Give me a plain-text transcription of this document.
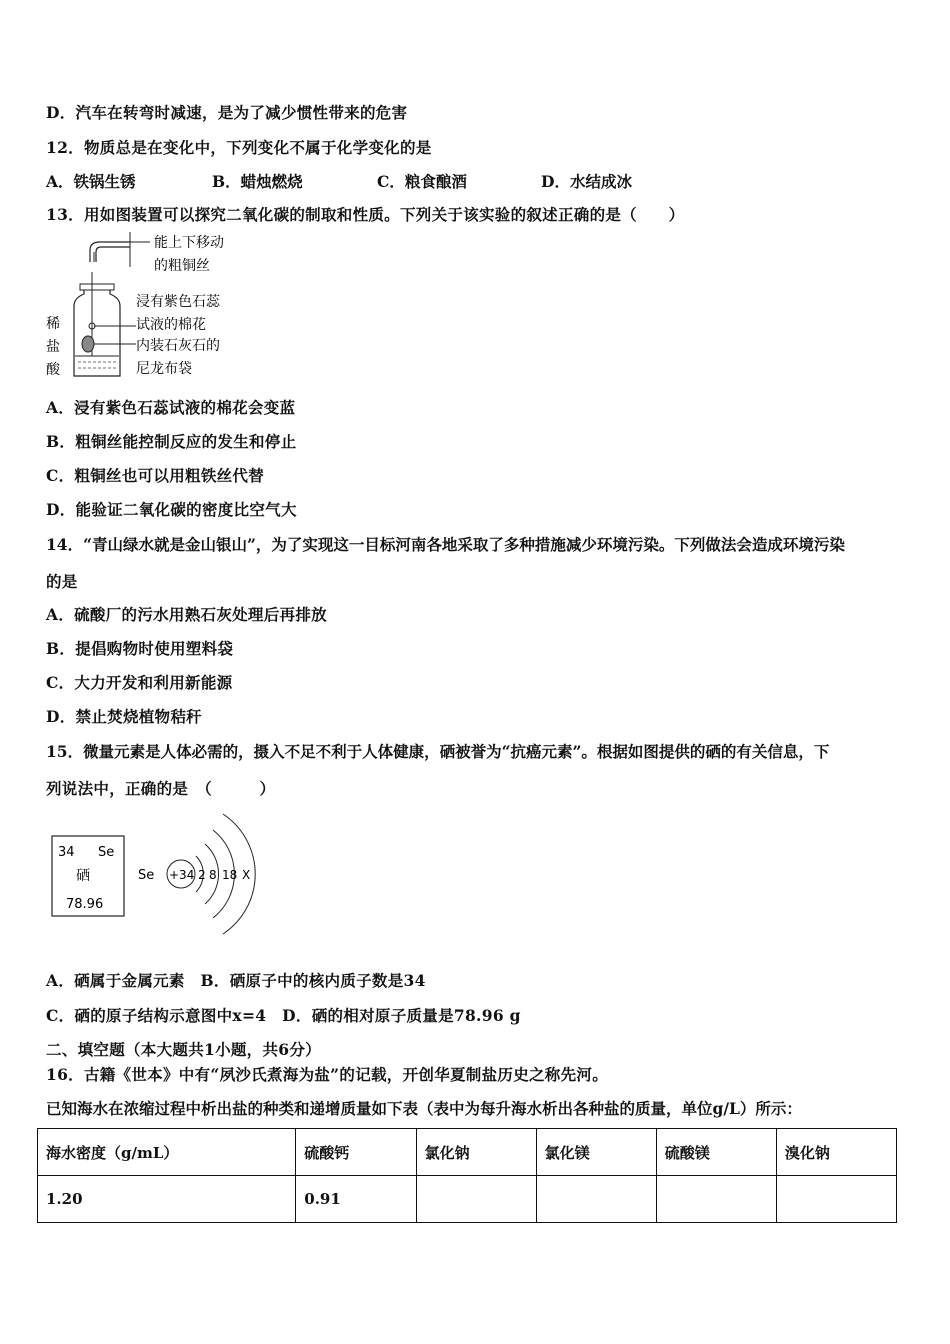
D．汽车在转弯时减速，是为了减少惯性带来的危害
12．物质总是在变化中，下列变化不属于化学变化的是
A．铁锅生锈	B．蜡烛燃烧	C．粮食酿酒	D．水结成冰
13．用如图装置可以探究二氧化碳的制取和性质。下列关于该实验的叙述正确的是（　　）
能上下移动
的粗铜丝
浸有紫色石蕊
试液的棉花
内装石灰石的
尼龙布袋
稀
盐
酸
A．浸有紫色石蕊试液的棉花会变蓝
B．粗铜丝能控制反应的发生和停止
C．粗铜丝也可以用粗铁丝代替
D．能验证二氧化碳的密度比空气大
14．“青山绿水就是金山银山”，为了实现这一目标河南各地采取了多种措施减少环境污染。下列做法会造成环境污染
的是
A．硫酸厂的污水用熟石灰处理后再排放
B．提倡购物时使用塑料袋
C．大力开发和利用新能源
D．禁止焚烧植物秸秆
15．微量元素是人体必需的，摄入不足不利于人体健康，硒被誉为“抗癌元素”。根据如图提供的硒的有关信息，下
列说法中，正确的是　（　　　）
34 Se
硒
78.96
Se +34 2 8 18 X
A．硒属于金属元素　B．硒原子中的核内质子数是34
C．硒的原子结构示意图中x=4　D．硒的相对原子质量是78.96 g
二、填空题（本大题共1小题，共6分）
16．古籍《世本》中有“夙沙氏煮海为盐”的记载，开创华夏制盐历史之称先河。
已知海水在浓缩过程中析出盐的种类和递增质量如下表（表中为每升海水析出各种盐的质量，单位g/L）所示：
海水密度（g/mL）	硫酸钙	氯化钠	氯化镁	硫酸镁	溴化钠
1.20	0.91				
